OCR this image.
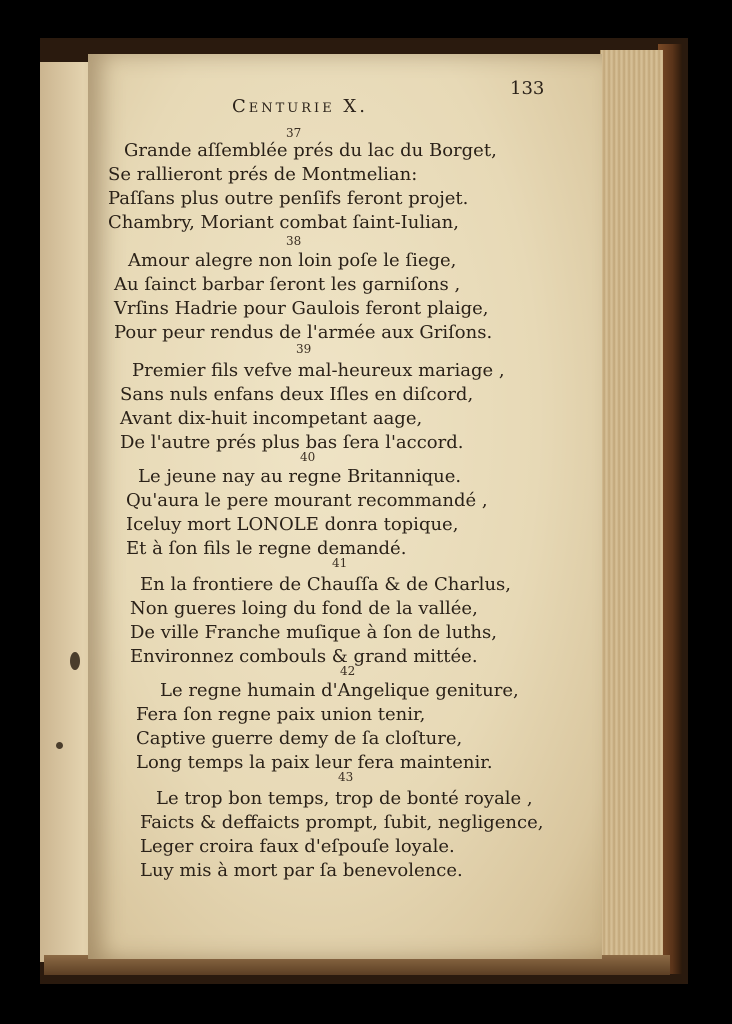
Centurie X.
133
37
Grande aſſemblée prés du lac du Borget,
Se rallieront prés de Montmelian:
Paſſans plus outre penſifs feront projet.
Chambry, Moriant combat ſaint-Iulian,
38
Amour alegre non loin poſe le ſiege,
Au ſainct barbar ſeront les garniſons ,
Vrſins Hadrie pour Gaulois feront plaige,
Pour peur rendus de l'armée aux Griſons.
39
Premier fils vefve mal-heureux mariage ,
Sans nuls enfans deux Iſles en diſcord,
Avant dix-huit incompetant aage,
De l'autre prés plus bas ſera l'accord.
40
Le jeune nay au regne Britannique.
Qu'aura le pere mourant recommandé ,
Iceluy mort LONOLE donra topique,
Et à ſon fils le regne demandé.
41
En la frontiere de Chauſſa & de Charlus,
Non gueres loing du fond de la vallée,
De ville Franche muſique à ſon de luths,
Environnez combouls & grand mittée.
42
Le regne humain d'Angelique geniture,
Fera ſon regne paix union tenir,
Captive guerre demy de ſa cloſture,
Long temps la paix leur fera maintenir.
43
Le trop bon temps, trop de bonté royale ,
Faicts & deffaicts prompt, ſubit, negligence,
Leger croira faux d'eſpouſe loyale.
Luy mis à mort par ſa benevolence.
